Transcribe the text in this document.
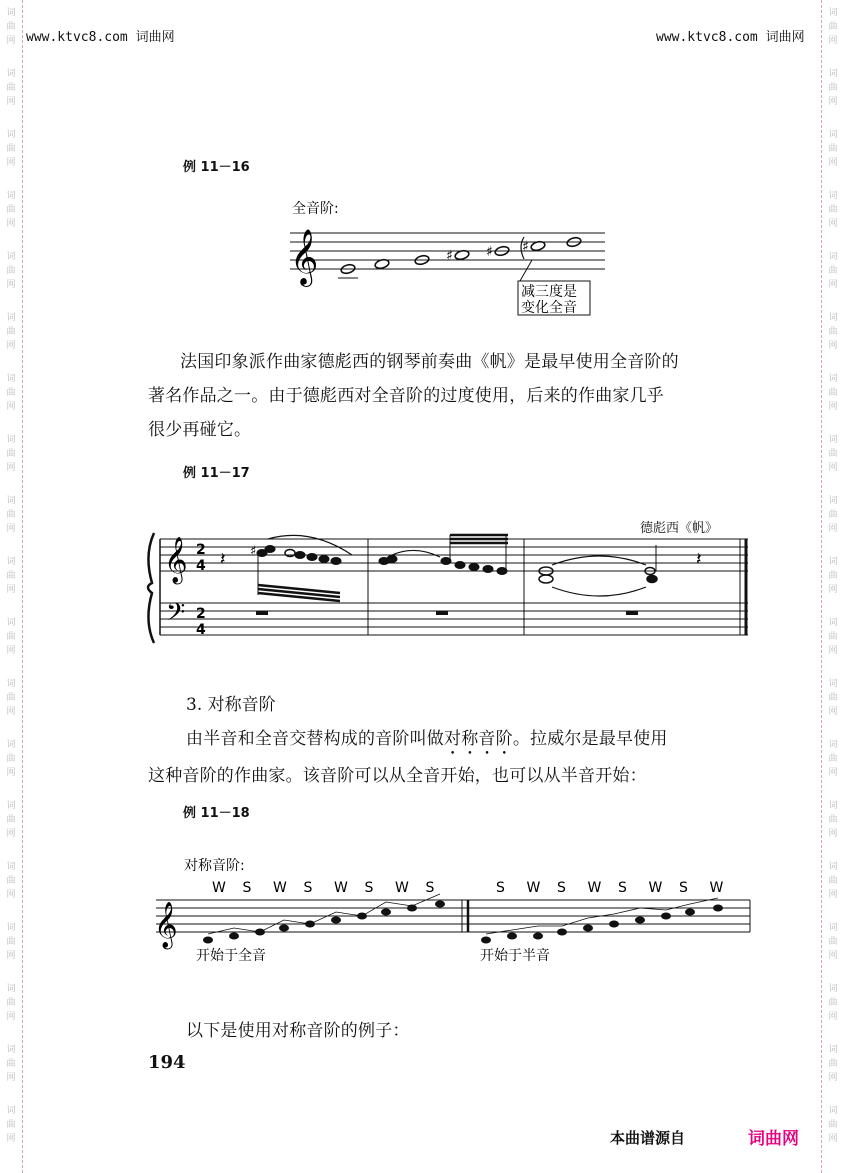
词
曲
网
词
曲
网
词
曲
网
词
曲
网
词
曲
网
词
曲
网
词
曲
网
词
曲
网
词
曲
网
词
曲
网
词
曲
网
词
曲
网
词
曲
网
词
曲
网
词
曲
网
词
曲
网
词
曲
网
词
曲
网
词
曲
网
词
曲
网
词
曲
网
词
曲
网
词
曲
网
词
曲
网
词
曲
网
词
曲
网
词
曲
网
词
曲
网
词
曲
网
词
曲
网
词
曲
网
词
曲
网
词
曲
网
词
曲
网
词
曲
网
词
曲
网
词
曲
网
词
曲
网
www.ktvc8.com 词曲网	www.ktvc8.com 词曲网
例 11－16
全音阶:
𝄞	♯ ♯ ♯
减三度是
变化全音
法国印象派作曲家德彪西的钢琴前奏曲《帆》是最早使用全音阶的
著名作品之一。由于德彪西对全音阶的过度使用，后来的作曲家几乎
很少再碰它。
例 11－17
德彪西《帆》
𝄞
𝄢
2
4
2
4
𝄽	𝄽
♯
3. 对称音阶
由半音和全音交替构成的音阶叫做对称音阶。拉威尔是最早使用
这种音阶的作曲家。该音阶可以从全音开始，也可以从半音开始：
例 11－18
对称音阶:
W S W S W S W S	S W S W S W S W
𝄞
开始于全音	开始于半音
以下是使用对称音阶的例子：
194
本曲谱源自	词曲网
